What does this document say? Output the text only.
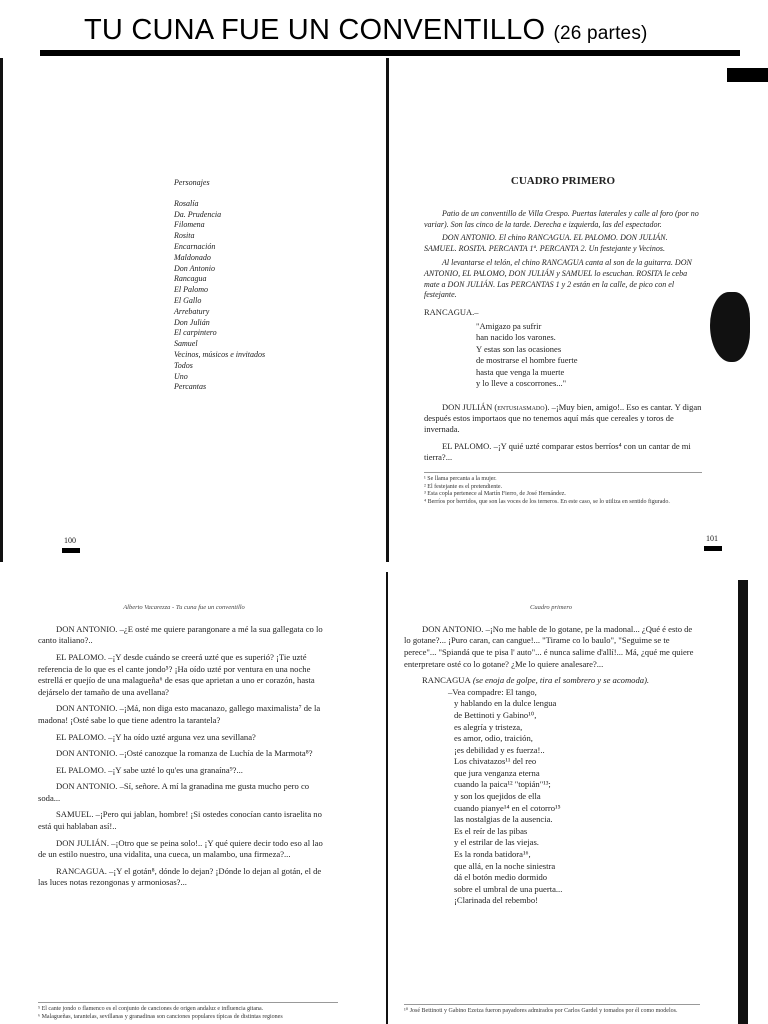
TU CUNA FUE UN CONVENTILLO (26 partes)
Personajes
Rosalía
Da. Prudencia
Filomena
Rosita
Encarnación
Maldonado
Don Antonio
Rancagua
El Palomo
El Gallo
Arrebatury
Don Julián
El carpintero
Samuel
Vecinos, músicos e invitados
Todos
Uno
Percantas
100
CUADRO PRIMERO

Patio de un conventillo de Villa Crespo. Puertas laterales y calle al foro (por no variar). Son las cinco de la tarde. Derecha e izquierda, las del espectador.

DON ANTONIO. El chino RANCAGUA. EL PALOMO. DON JULIÁN. SAMUEL. ROSITA. PERCANTA 1ª. PERCANTA 2. Un festejante y Vecinos.

Al levantarse el telón, el chino RANCAGUA canta al son de la guitarra. DON ANTONIO, EL PALOMO, DON JULIÁN y SAMUEL lo escuchan. ROSITA le ceba mate a DON JULIÁN. Las PERCANTAS 1 y 2 están en la calle, de pico con el festejante.

RANCAGUA.–
"Amigazo pa sufrir
han nacido los varones.
Y estas son las ocasiones
de mostrarse el hombre fuerte
hasta que venga la muerte
y lo lleve a coscorrones..."

DON JULIÁN (entusiasmado). –¡Muy bien, amigo!.. Eso es cantar. Y digan después estos importaos que no tenemos aquí más que cereales y toros de invernada.

EL PALOMO. –¡Y quié uzté comparar estos berríos⁴ con un cantar de mi tierra?...

¹ Se llama percanta a la mujer.
² El festejante es el pretendiente.
³ Esta copla pertenece al Martín Fierro, de José Hernández.
⁴ Berríos por berridos, que son las voces de los terneros. En este caso, se lo utiliza en sentido figurado.
101
Alberto Vacarezza - Tu cuna fue un conventillo

DON ANTONIO. –¿E osté me quiere parangonare a mé la sua gallegata co lo canto italiano?..

EL PALOMO. –¡Y desde cuándo se creerá uzté que es superió? ¡Tie uzté referencia de lo que es el cante jondo⁵? ¡Ha oído uzté por ventura en una noche estrellá er quejío de una malagueña⁶ de esas que aprietan a uno er corazón, hasta dejárselo der tamaño de una avellana?

DON ANTONIO. –¡Má, non diga esto macanazo, gallego maximalista⁷ de la madona! ¡Osté sabe lo que tiene adentro la tarantela?

EL PALOMO. –¡Y ha oído uzté arguna vez una sevillana?

DON ANTONIO. –¡Osté canozque la romanza de Luchía de la Marmota⁸?

EL PALOMO. –¡Y sabe uzté lo qu'es una granaína⁹?...

DON ANTONIO. –Sí, señore. A mí la granadina me gusta mucho pero co soda...

SAMUEL. –¡Pero qui jablan, hombre! ¡Si ostedes conocían canto israelita no está qui hablaban así!..

DON JULIÁN. –¡Otro que se peina solo!.. ¡Y qué quiere decir todo eso al lao de un estilo nuestro, una vidalita, una cueca, un malambo, una firmeza?...

RANCAGUA. –¡Y el gotán⁸, dónde lo dejan? ¡Dónde lo dejan al gotán, el de las luces notas rezongonas y armoniosas?...

⁵ El cante jondo o flamenco es el conjunto de canciones de origen andaluz e influencia gitana.
⁶ Malagueñas, tarantelas, sevillanas y granadinas son canciones populares típicas de distintas regiones
Cuadro primero

DON ANTONIO. –¡No me hable de lo gotane, pe la madonal... ¿Qué é esto de lo gotane?... ¡Puro caran, can cangue!... "Tirame co lo baulo", "Seguime se te perece"... "Spiandá que te pisa l' auto"... é nunca salime d'allí!... Má, ¿qué me quiere enterpretare osté co lo gotane? ¿Me lo quiere analesare?...

RANCAGUA (se enoja de golpe, tira el sombrero y se acomoda).

–Vea compadre: El tango,
y hablando en la dulce lengua
de Bettinoti y Gabino¹⁰,
es alegría y tristeza,
es amor, odio, traición,
¡es debilidad y es fuerza!..
Los chivatazos¹¹ del reo
que jura venganza eterna
cuando la paica¹² "topián"¹³;
y son los quejidos de ella
cuando pianye¹⁴ en el cotorro¹⁵
las nostalgias de la ausencia.
Es el reír de las pibas
y el estrilar de las viejas.
Es la ronda batidora¹⁶,
que allá, en la noche siniestra
dá el botón medio dormido
sobre el umbral de una puerta...
¡Clarinada del rebembo!
¹⁰ José Bettinoti y Gabino Ezeiza fueron payadores admirados por Carlos Gardel y tomados por él como modelos.
